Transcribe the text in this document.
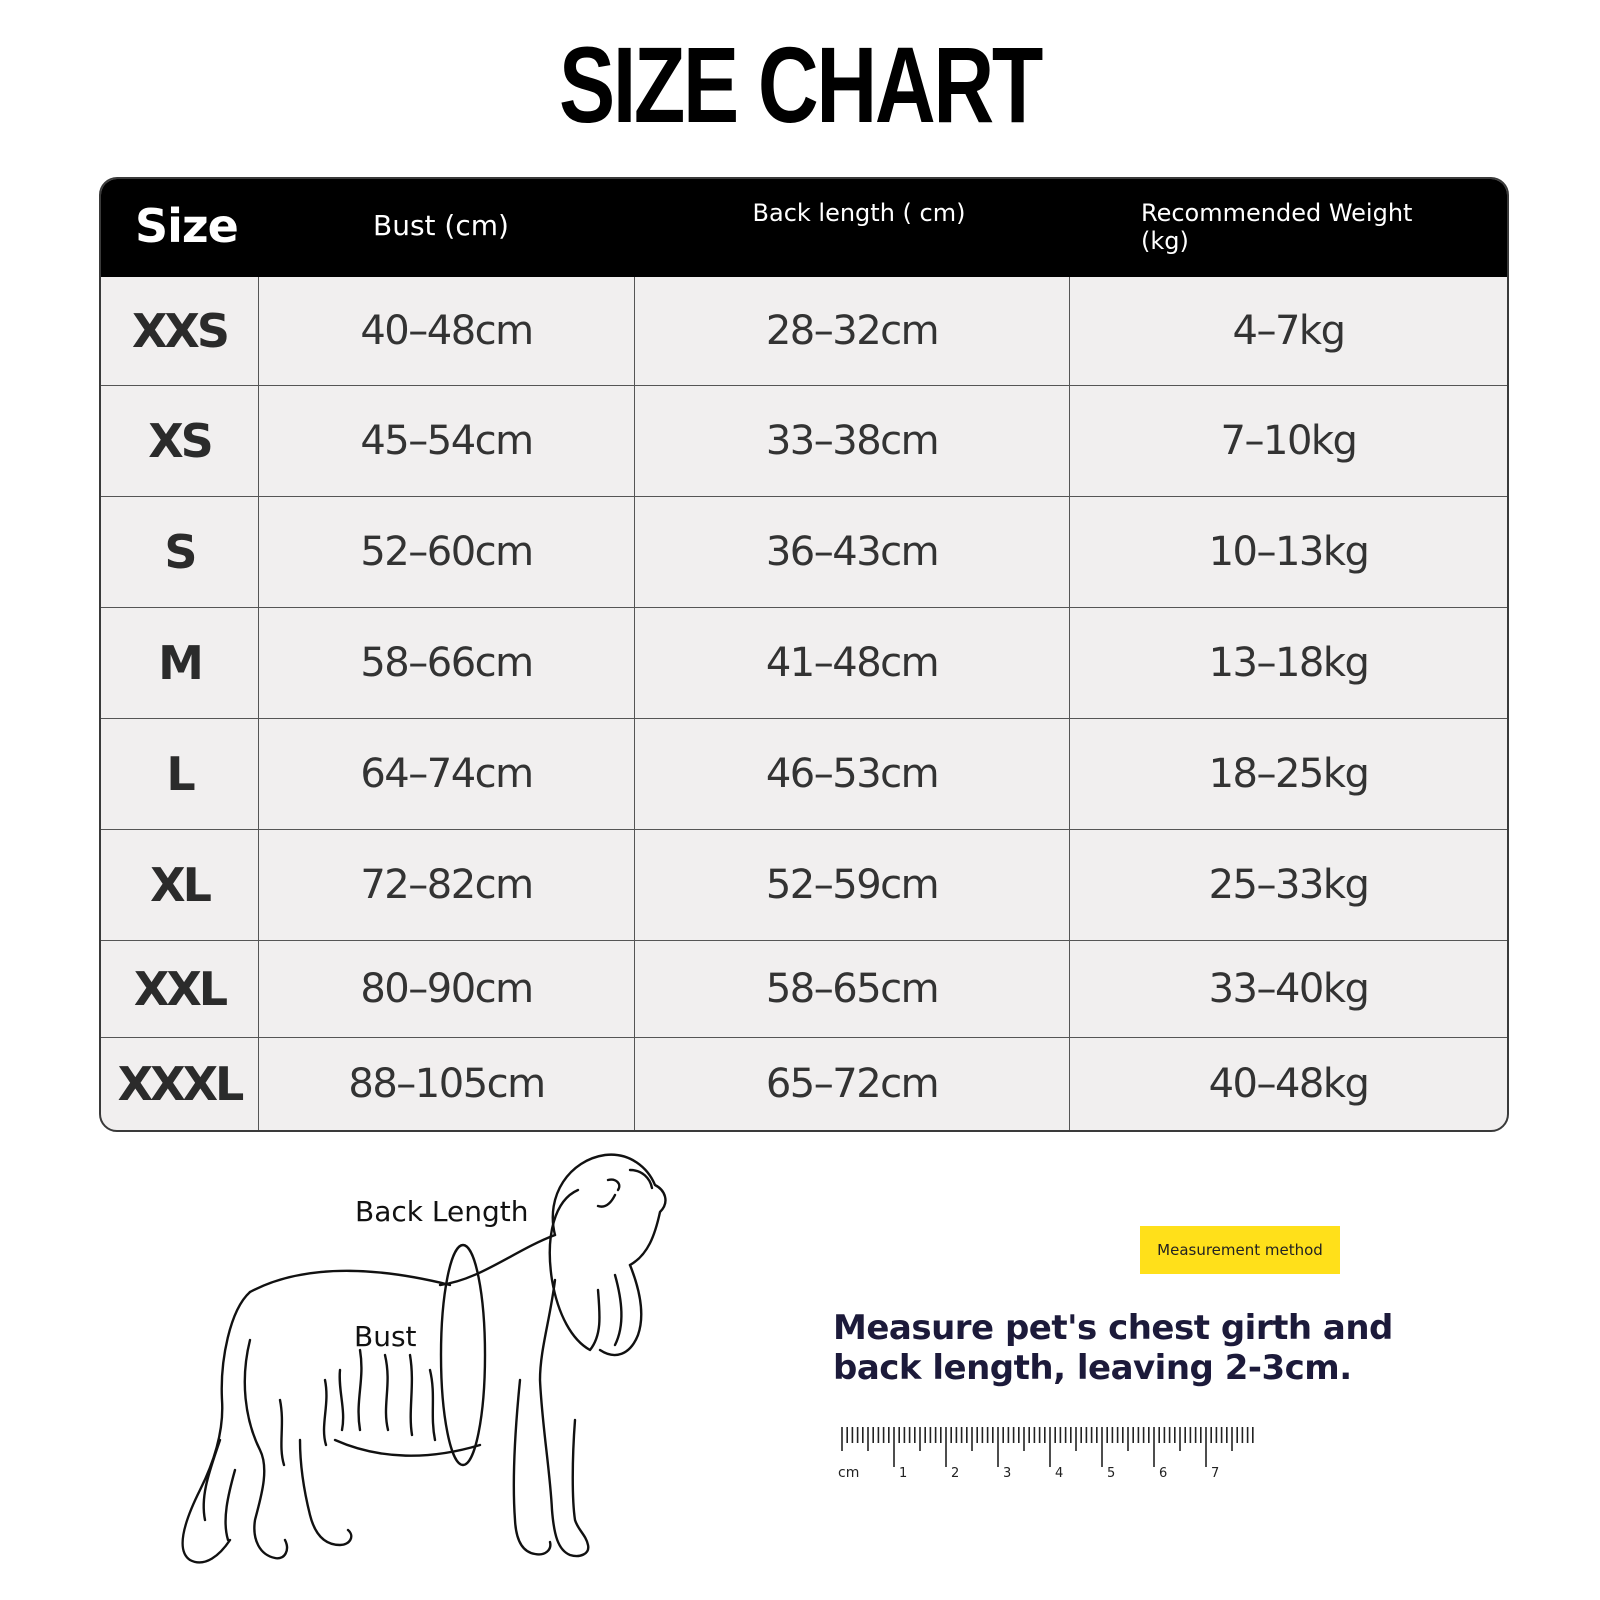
SIZE CHART
Size	Bust (cm)	Back length ( cm)	Recommended Weight (kg)
XXS	40–48cm	28–32cm	4–7kg
XS	45–54cm	33–38cm	7–10kg
S	52–60cm	36–43cm	10–13kg
M	58–66cm	41–48cm	13–18kg
L	64–74cm	46–53cm	18–25kg
XL	72–82cm	52–59cm	25–33kg
XXL	80–90cm	58–65cm	33–40kg
XXXL	88–105cm	65–72cm	40–48kg
Back Length
Bust
Measurement method
Measure pet's chest girth and back length, leaving 2-3cm.
cm	1	2	3	4	5	6	7
